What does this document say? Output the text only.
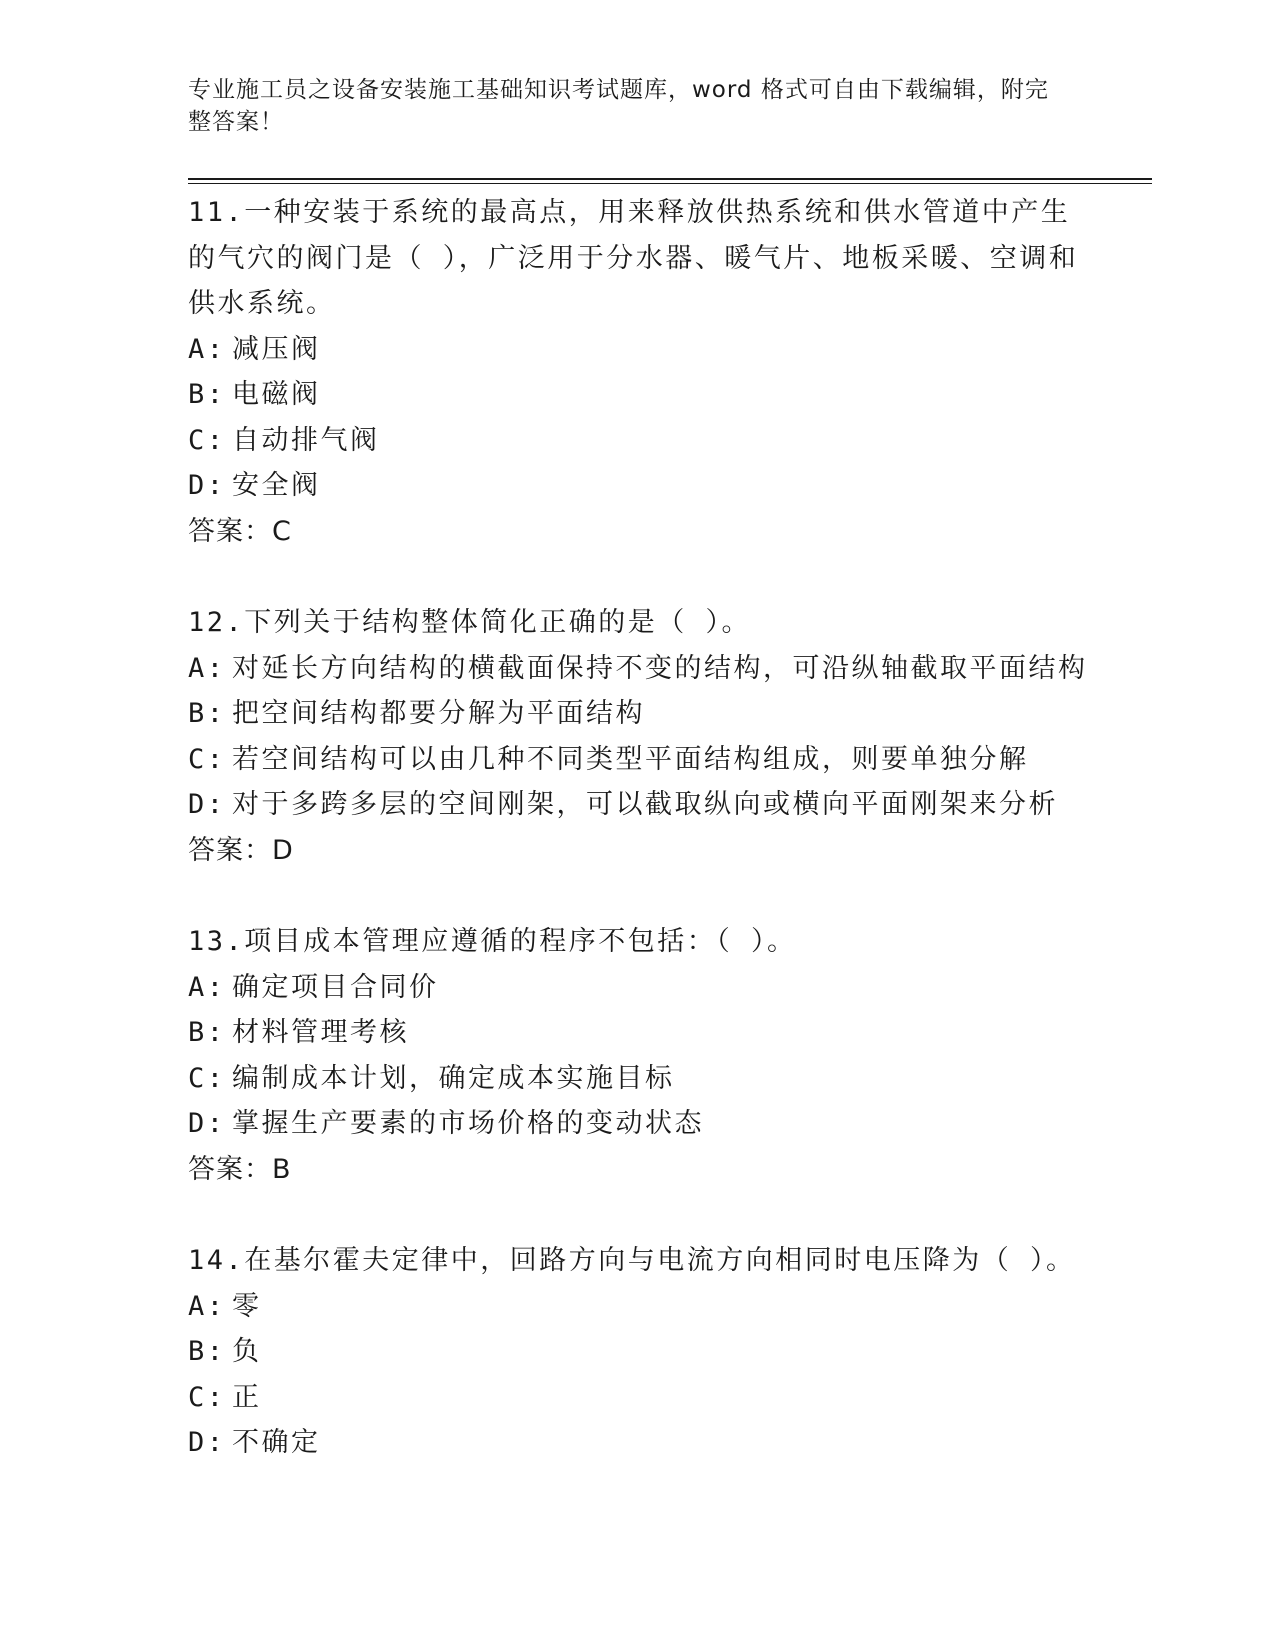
专业施工员之设备安装施工基础知识考试题库，word 格式可自由下载编辑，附完
整答案！
11.一种安装于系统的最高点，用来释放供热系统和供水管道中产生的气穴的阀门是（ ），广泛用于分水器、暖气片、地板采暖、空调和供水系统。
A: 减压阀
B: 电磁阀
C: 自动排气阀
D: 安全阀
答案：C
12.下列关于结构整体简化正确的是（ ）。
A: 对延长方向结构的横截面保持不变的结构，可沿纵轴截取平面结构
B: 把空间结构都要分解为平面结构
C: 若空间结构可以由几种不同类型平面结构组成，则要单独分解
D: 对于多跨多层的空间刚架，可以截取纵向或横向平面刚架来分析
答案：D
13.项目成本管理应遵循的程序不包括：（ ）。
A: 确定项目合同价
B: 材料管理考核
C: 编制成本计划，确定成本实施目标
D: 掌握生产要素的市场价格的变动状态
答案：B
14.在基尔霍夫定律中，回路方向与电流方向相同时电压降为（ ）。
A: 零
B: 负
C: 正
D: 不确定
